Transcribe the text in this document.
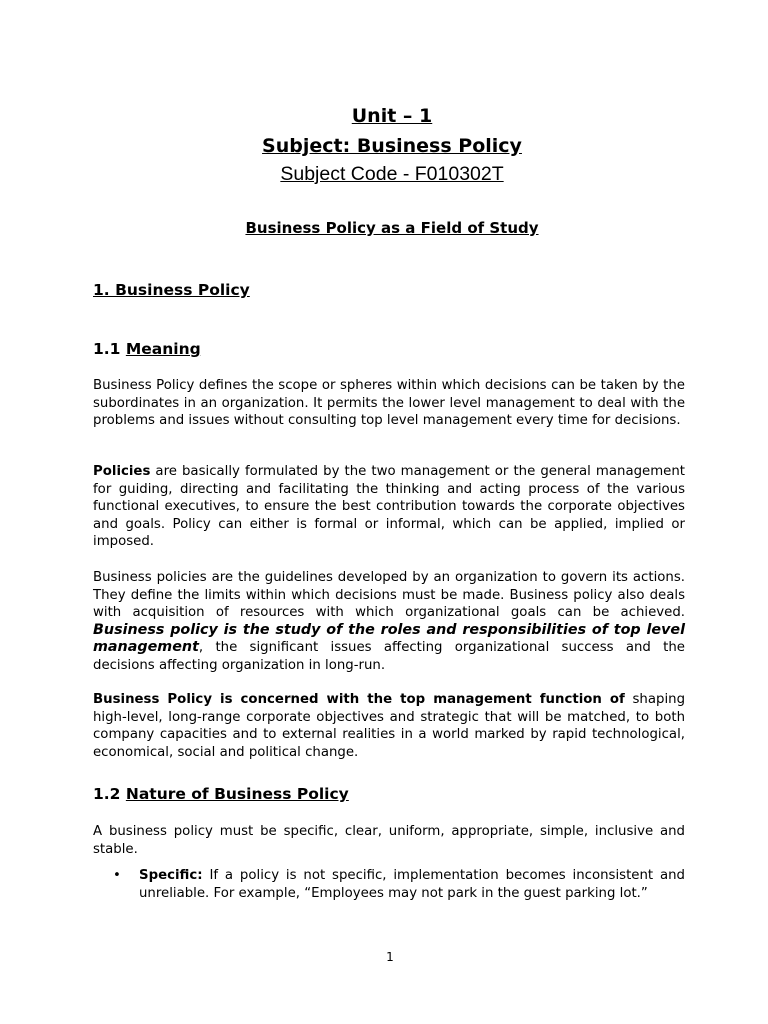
Unit – 1
Subject: Business Policy
Subject Code - F010302T
Business Policy as a Field of Study
1. Business Policy
1.1 Meaning

Business Policy defines the scope or spheres within which decisions can be taken by the subordinates in an organization. It permits the lower level management to deal with the problems and issues without consulting top level management every time for decisions.

Policies are basically formulated by the two management or the general management for guiding, directing and facilitating the thinking and acting process of the various functional executives, to ensure the best contribution towards the corporate objectives and goals. Policy can either is formal or informal, which can be applied, implied or imposed.

Business policies are the guidelines developed by an organization to govern its actions. They define the limits within which decisions must be made. Business policy also deals with acquisition of resources with which organizational goals can be achieved. Business policy is the study of the roles and responsibilities of top level management, the significant issues affecting organizational success and the decisions affecting organization in long-run.

Business Policy is concerned with the top management function of shaping high-level, long-range corporate objectives and strategic that will be matched, to both company capacities and to external realities in a world marked by rapid technological, economical, social and political change.

1.2 Nature of Business Policy

A business policy must be specific, clear, uniform, appropriate, simple, inclusive and stable.

• Specific: If a policy is not specific, implementation becomes inconsistent and unreliable. For example, “Employees may not park in the guest parking lot.”

1
